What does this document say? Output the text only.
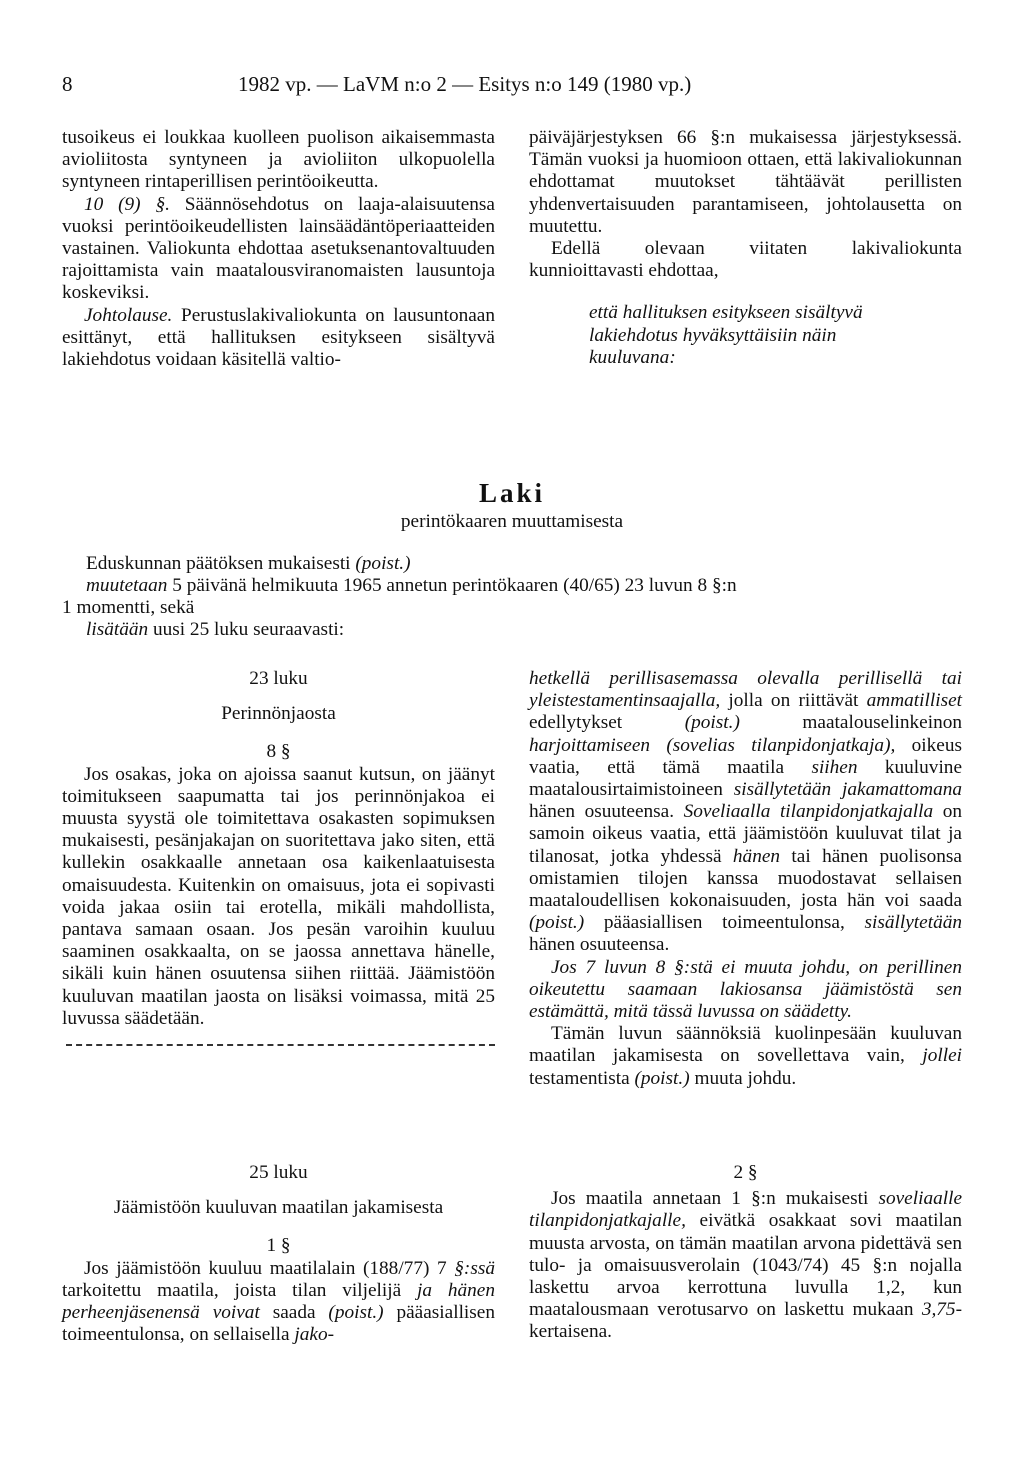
8	1982 vp. — LaVM n:o 2 — Esitys n:o 149 (1980 vp.)

tusoikeus ei loukkaa kuolleen puolison aikaisemmasta avioliitosta syntyneen ja avioliiton ulkopuolella syntyneen rintaperillisen perintöoikeutta.

10 (9) §. Säännösehdotus on laaja-alaisuutensa vuoksi perintöoikeudellisten lainsäädäntöperiaatteiden vastainen. Valiokunta ehdottaa asetuksenantovaltuuden rajoittamista vain maatalousviranomaisten lausuntoja koskeviksi.

Johtolause. Perustuslakivaliokunta on lausuntonaan esittänyt, että hallituksen esitykseen sisältyvä lakiehdotus voidaan käsitellä valtio-

päiväjärjestyksen 66 §:n mukaisessa järjestyksessä. Tämän vuoksi ja huomioon ottaen, että lakivaliokunnan ehdottamat muutokset tähtäävät perillisten yhdenvertaisuuden parantamiseen, johtolausetta on muutettu.

Edellä olevaan viitaten lakivaliokunta kunnioittavasti ehdottaa,

että hallituksen esitykseen sisältyvä lakiehdotus hyväksyttäisiin näin kuuluvana:

Laki
perintökaaren muuttamisesta
Eduskunnan päätöksen mukaisesti (poist.)
muutetaan 5 päivänä helmikuuta 1965 annetun perintökaaren (40/65) 23 luvun 8 §:n
1 momentti, sekä
lisätään uusi 25 luku seuraavasti:
23 luku
Perinnönjaosta
8 §

Jos osakas, joka on ajoissa saanut kutsun, on jäänyt toimitukseen saapumatta tai jos perinnönjakoa ei muusta syystä ole toimitettava osakasten sopimuksen mukaisesti, pesänjakajan on suoritettava jako siten, että kullekin osakkaalle annetaan osa kaikenlaatuisesta omaisuudesta. Kuitenkin on omaisuus, jota ei sopivasti voida jakaa osiin tai erotella, mikäli mahdollista, pantava samaan osaan. Jos pesän varoihin kuuluu saaminen osakkaalta, on se jaossa annettava hänelle, sikäli kuin hänen osuutensa siihen riittää. Jäämistöön kuuluvan maatilan jaosta on lisäksi voimassa, mitä 25 luvussa säädetään.

25 luku
Jäämistöön kuuluvan maatilan jakamisesta
1 §

Jos jäämistöön kuuluu maatilalain (188/77) 7 §:ssä tarkoitettu maatila, joista tilan viljelijä ja hänen perheenjäsenensä voivat saada (poist.) pääasiallisen toimeentulonsa, on sellaisella jako-

hetkellä perillisasemassa olevalla perillisellä tai yleistestamentinsaajalla, jolla on riittävät ammatilliset edellytykset (poist.) maatalouselinkeinon harjoittamiseen (sovelias tilanpidonjatkaja), oikeus vaatia, että tämä maatila siihen kuuluvine maatalousirtaimistoineen sisällytetään jakamattomana hänen osuuteensa. Soveliaalla tilanpidonjatkajalla on samoin oikeus vaatia, että jäämistöön kuuluvat tilat ja tilanosat, jotka yhdessä hänen tai hänen puolisonsa omistamien tilojen kanssa muodostavat sellaisen maataloudellisen kokonaisuuden, josta hän voi saada (poist.) pääasiallisen toimeentulonsa, sisällytetään hänen osuuteensa.

Jos 7 luvun 8 §:stä ei muuta johdu, on perillinen oikeutettu saamaan lakiosansa jäämistöstä sen estämättä, mitä tässä luvussa on säädetty.

Tämän luvun säännöksiä kuolinpesään kuuluvan maatilan jakamisesta on sovellettava vain, jollei testamentista (poist.) muuta johdu.

2 §

Jos maatila annetaan 1 §:n mukaisesti soveliaalle tilanpidonjatkajalle, eivätkä osakkaat sovi maatilan muusta arvosta, on tämän maatilan arvona pidettävä sen tulo- ja omaisuusverolain (1043/74) 45 §:n nojalla laskettu arvoa kerrottuna luvulla 1,2, kun maatalousmaan verotusarvo on laskettu mukaan 3,75-kertaisena.
